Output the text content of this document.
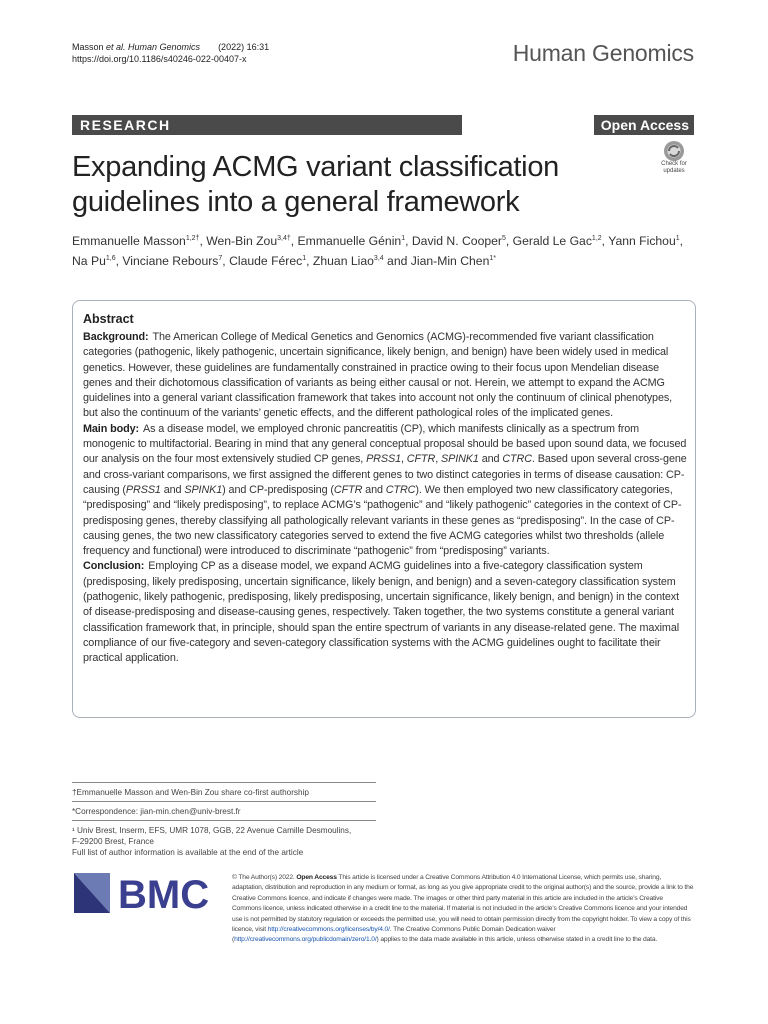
Masson et al. Human Genomics (2022) 16:31
https://doi.org/10.1186/s40246-022-00407-x	Human Genomics
RESEARCH	Open Access
Check for
updates
Expanding ACMG variant classification guidelines into a general framework
Emmanuelle Masson$^{1,2\dagger}$, Wen-Bin Zou$^{3,4\dagger}$, Emmanuelle Génin$^1$, David N. Cooper$^5$, Gerald Le Gac$^{1,2}$, Yann Fichou$^1$, Na Pu$^{1,6}$, Vinciane Rebours$^7$, Claude Férec$^1$, Zhuan Liao$^{3,4}$ and Jian-Min Chen$^{1*}$
Abstract

Background: The American College of Medical Genetics and Genomics (ACMG)-recommended five variant classification categories (pathogenic, likely pathogenic, uncertain significance, likely benign, and benign) have been widely used in medical genetics. However, these guidelines are fundamentally constrained in practice owing to their focus upon Mendelian disease genes and their dichotomous classification of variants as being either causal or not. Herein, we attempt to expand the ACMG guidelines into a general variant classification framework that takes into account not only the continuum of clinical phenotypes, but also the continuum of the variants’ genetic effects, and the different pathological roles of the implicated genes.

Main body: As a disease model, we employed chronic pancreatitis (CP), which manifests clinically as a spectrum from monogenic to multifactorial. Bearing in mind that any general conceptual proposal should be based upon sound data, we focused our analysis on the four most extensively studied CP genes, PRSS1, CFTR, SPINK1 and CTRC. Based upon several cross-gene and cross-variant comparisons, we first assigned the different genes to two distinct categories in terms of disease causation: CP-causing (PRSS1 and SPINK1) and CP-predisposing (CFTR and CTRC). We then employed two new classificatory categories, “predisposing” and “likely predisposing”, to replace ACMG’s “pathogenic” and “likely pathogenic” categories in the context of CP-predisposing genes, thereby classifying all pathologically relevant variants in these genes as “predisposing”. In the case of CP-causing genes, the two new classificatory categories served to extend the five ACMG categories whilst two thresholds (allele frequency and functional) were introduced to discriminate “pathogenic” from “predisposing” variants.

Conclusion: Employing CP as a disease model, we expand ACMG guidelines into a five-category classification system (predisposing, likely predisposing, uncertain significance, likely benign, and benign) and a seven-category classification system (pathogenic, likely pathogenic, predisposing, likely predisposing, uncertain significance, likely benign, and benign) in the context of disease-predisposing and disease-causing genes, respectively. Taken together, the two systems constitute a general variant classification framework that, in principle, should span the entire spectrum of variants in any disease-related gene. The maximal compliance of our five-category and seven-category classification systems with the ACMG guidelines ought to facilitate their practical application.

†Emmanuelle Masson and Wen-Bin Zou share co-first authorship
*Correspondence: jian-min.chen@univ-brest.fr
¹ Univ Brest, Inserm, EFS, UMR 1078, GGB, 22 Avenue Camille Desmoulins,
F-29200 Brest, France
Full list of author information is available at the end of the article
BMC	© The Author(s) 2022. Open Access This article is licensed under a Creative Commons Attribution 4.0 International License, which permits use, sharing, adaptation, distribution and reproduction in any medium or format, as long as you give appropriate credit to the original author(s) and the source, provide a link to the Creative Commons licence, and indicate if changes were made. The images or other third party material in this article are included in the article’s Creative Commons licence, unless indicated otherwise in a credit line to the material. If material is not included in the article’s Creative Commons licence and your intended use is not permitted by statutory regulation or exceeds the permitted use, you will need to obtain permission directly from the copyright holder. To view a copy of this licence, visit http://creativecommons.org/licenses/by/4.0/. The Creative Commons Public Domain Dedication waiver (http://creativecommons.org/publicdomain/zero/1.0/) applies to the data made available in this article, unless otherwise stated in a credit line to the data.
